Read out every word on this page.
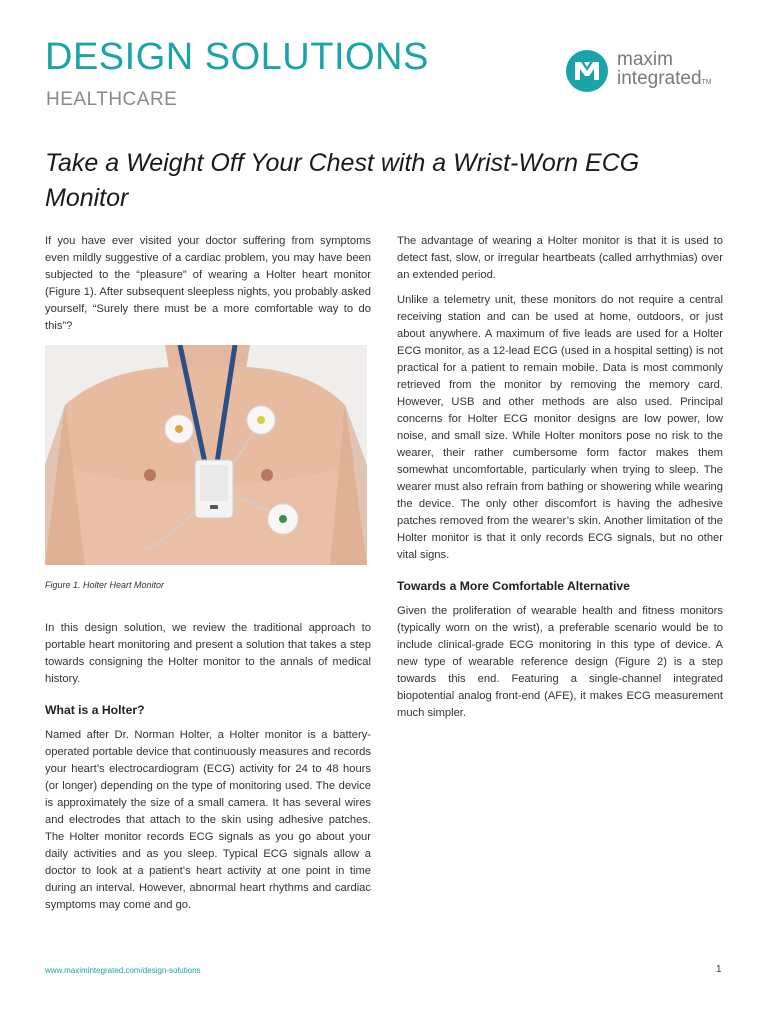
DESIGN SOLUTIONS
HEALTHCARE
maxim
integratedTM
Take a Weight Off Your Chest with a Wrist-Worn ECG Monitor

If you have ever visited your doctor suffering from symptoms even mildly suggestive of a cardiac problem, you may have been subjected to the “pleasure” of wearing a Holter heart monitor (Figure 1). After subsequent sleepless nights, you probably asked yourself, “Surely there must be a more comfortable way to do this”?

Figure 1. Holter Heart Monitor

In this design solution, we review the traditional approach to portable heart monitoring and present a solution that takes a step towards consigning the Holter monitor to the annals of medical history.

What is a Holter?

Named after Dr. Norman Holter, a Holter monitor is a battery-operated portable device that continuously measures and records your heart’s electrocardiogram (ECG) activity for 24 to 48 hours (or longer) depending on the type of monitoring used. The device is approximately the size of a small camera. It has several wires and electrodes that attach to the skin using adhesive patches. The Holter monitor records ECG signals as you go about your daily activities and as you sleep. Typical ECG signals allow a doctor to look at a patient’s heart activity at one point in time during an interval. However, abnormal heart rhythms and cardiac symptoms may come and go.

The advantage of wearing a Holter monitor is that it is used to detect fast, slow, or irregular heartbeats (called arrhythmias) over an extended period.

Unlike a telemetry unit, these monitors do not require a central receiving station and can be used at home, outdoors, or just about anywhere. A maximum of five leads are used for a Holter ECG monitor, as a 12-lead ECG (used in a hospital setting) is not practical for a patient to remain mobile. Data is most commonly retrieved from the monitor by removing the memory card. However, USB and other methods are also used. Principal concerns for Holter ECG monitor designs are low power, low noise, and small size. While Holter monitors pose no risk to the wearer, their rather cumbersome form factor makes them somewhat uncomfortable, particularly when trying to sleep. The wearer must also refrain from bathing or showering while wearing the device. The only other discomfort is having the adhesive patches removed from the wearer’s skin. Another limitation of the Holter monitor is that it only records ECG signals, but no other vital signs.

Towards a More Comfortable Alternative

Given the proliferation of wearable health and fitness monitors (typically worn on the wrist), a preferable scenario would be to include clinical-grade ECG monitoring in this type of device. A new type of wearable reference design (Figure 2) is a step towards this end. Featuring a single-channel integrated biopotential analog front-end (AFE), it makes ECG measurement much simpler.

www.maximintegrated.com/design-solutions	1
